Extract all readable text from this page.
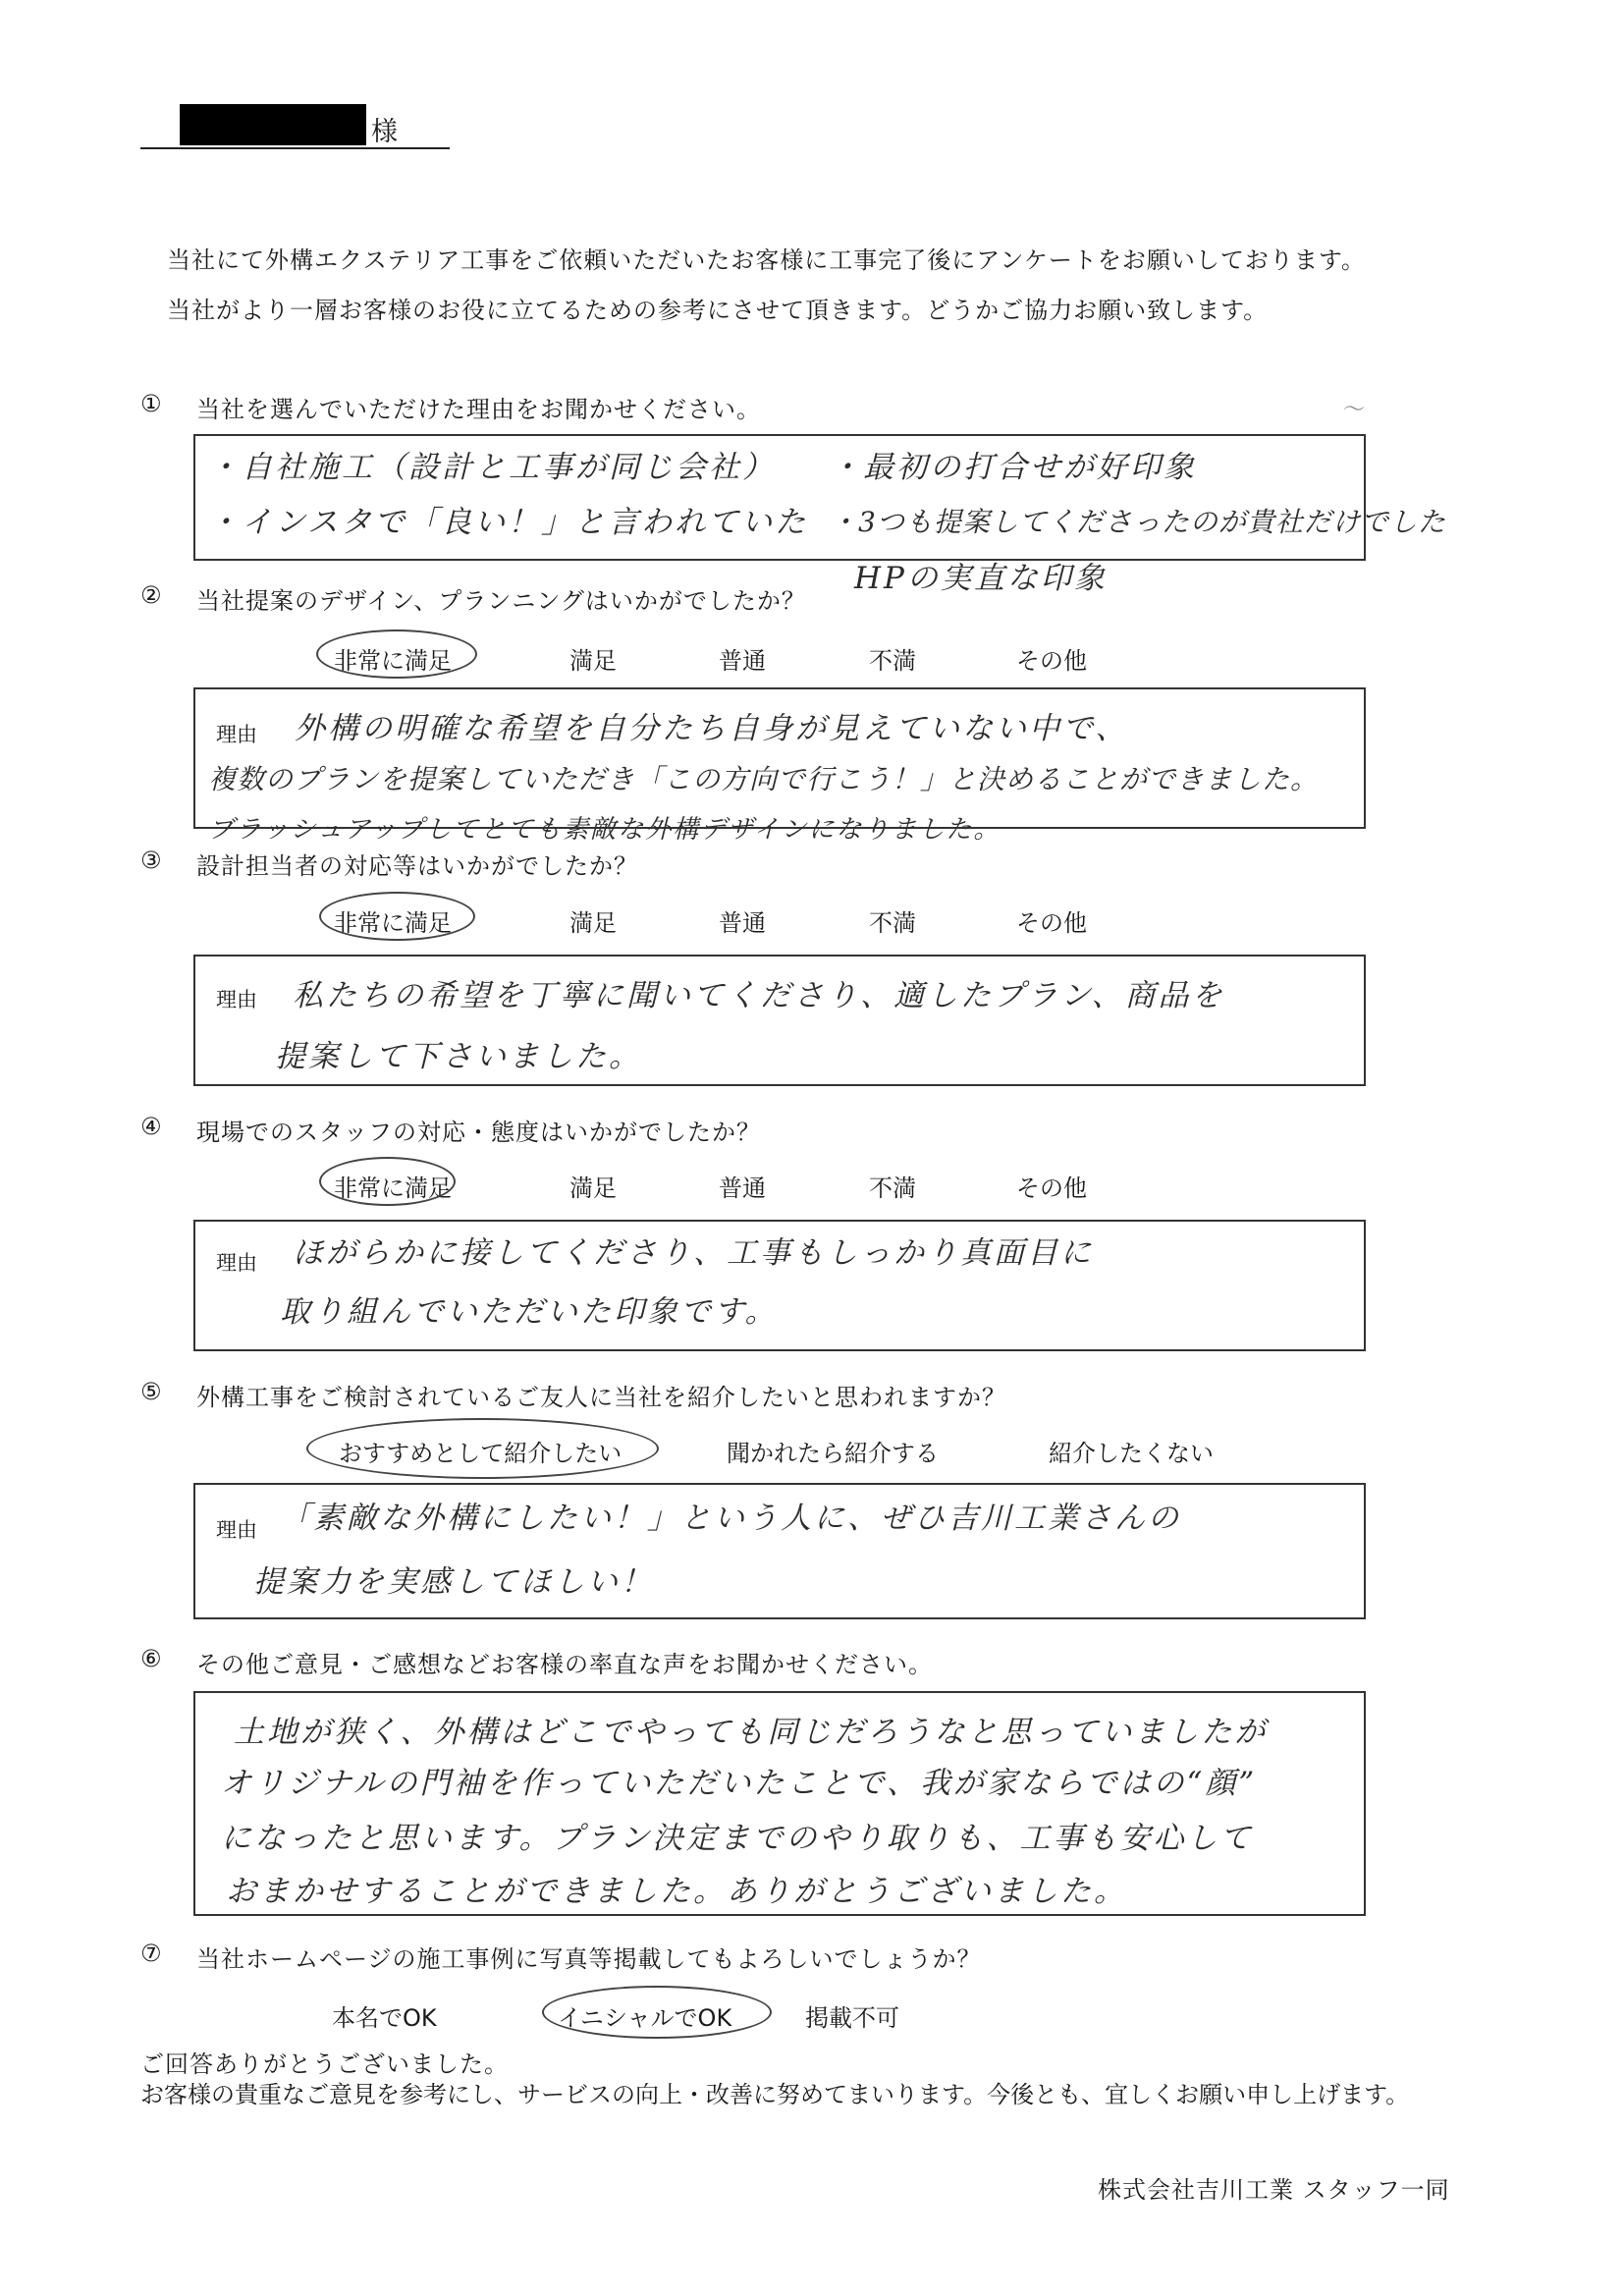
様
当社にて外構エクステリア工事をご依頼いただいたお客様に工事完了後にアンケートをお願いしております。
当社がより一層お客様のお役に立てるための参考にさせて頂きます。どうかご協力お願い致します。
① 当社を選んでいただけた理由をお聞かせください。	〜
・自社施工（設計と工事が同じ会社）
・インスタで「良い！」と言われていた
・最初の打合せが好印象
・3つも提案してくださったのが貴社だけでした
HPの実直な印象
② 当社提案のデザイン、プランニングはいかがでしたか？
非常に満足	満足	普通	不満	その他
理由 外構の明確な希望を自分たち自身が見えていない中で、
複数のプランを提案していただき「この方向で行こう！」と決めることができました。
ブラッシュアップしてとても素敵な外構デザインになりました。
③ 設計担当者の対応等はいかがでしたか？
非常に満足	満足	普通	不満	その他
理由 私たちの希望を丁寧に聞いてくださり、適したプラン、商品を
提案して下さいました。
④ 現場でのスタッフの対応・態度はいかがでしたか？
非常に満足	満足	普通	不満	その他
理由 ほがらかに接してくださり、工事もしっかり真面目に
取り組んでいただいた印象です。
⑤ 外構工事をご検討されているご友人に当社を紹介したいと思われますか？
おすすめとして紹介したい	聞かれたら紹介する	紹介したくない
理由 「素敵な外構にしたい！」という人に、ぜひ吉川工業さんの
提案力を実感してほしい！
⑥ その他ご意見・ご感想などお客様の率直な声をお聞かせください。
土地が狭く、外構はどこでやっても同じだろうなと思っていましたが
オリジナルの門袖を作っていただいたことで、我が家ならではの“顔”
になったと思います。プラン決定までのやり取りも、工事も安心して
おまかせすることができました。ありがとうございました。
⑦ 当社ホームページの施工事例に写真等掲載してもよろしいでしょうか？
本名でOK	イニシャルでOK	掲載不可
ご回答ありがとうございました。
お客様の貴重なご意見を参考にし、サービスの向上・改善に努めてまいります。今後とも、宜しくお願い申し上げます。
株式会社吉川工業 スタッフ一同
